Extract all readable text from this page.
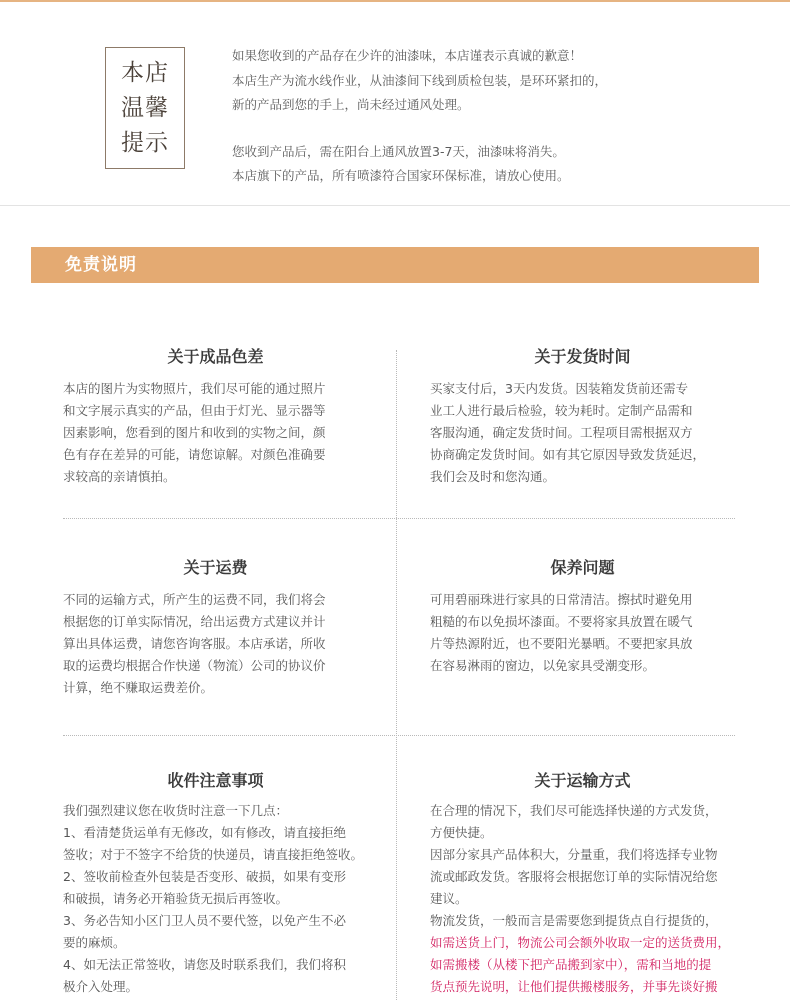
本店
温馨
提示

如果您收到的产品存在少许的油漆味，本店谨表示真诚的歉意！

本店生产为流水线作业，从油漆间下线到质检包装，是环环紧扣的，

新的产品到您的手上，尚未经过通风处理。

您收到产品后，需在阳台上通风放置3-7天，油漆味将消失。

本店旗下的产品，所有喷漆符合国家环保标准，请放心使用。

免责说明
关于成品色差

本店的图片为实物照片，我们尽可能的通过照片

和文字展示真实的产品，但由于灯光、显示器等

因素影响，您看到的图片和收到的实物之间，颜

色有存在差异的可能，请您谅解。对颜色准确要

求较高的亲请慎拍。

关于发货时间

买家支付后，3天内发货。因装箱发货前还需专

业工人进行最后检验，较为耗时。定制产品需和

客服沟通，确定发货时间。工程项目需根据双方

协商确定发货时间。如有其它原因导致发货延迟，

我们会及时和您沟通。

关于运费

不同的运输方式，所产生的运费不同，我们将会

根据您的订单实际情况，给出运费方式建议并计

算出具体运费，请您咨询客服。本店承诺，所收

取的运费均根据合作快递（物流）公司的协议价

计算，绝不赚取运费差价。

保养问题

可用碧丽珠进行家具的日常清洁。擦拭时避免用

粗糙的布以免损坏漆面。不要将家具放置在暖气

片等热源附近，也不要阳光暴晒。不要把家具放

在容易淋雨的窗边，以免家具受潮变形。

收件注意事项

我们强烈建议您在收货时注意一下几点：

1、看清楚货运单有无修改，如有修改，请直接拒绝

签收；对于不签字不给货的快递员，请直接拒绝签收。

2、签收前检查外包装是否变形、破损，如果有变形

和破损，请务必开箱验货无损后再签收。

3、务必告知小区门卫人员不要代签，以免产生不必

要的麻烦。

4、如无法正常签收，请您及时联系我们，我们将积

极介入处理。

关于运输方式

在合理的情况下，我们尽可能选择快递的方式发货，

方便快捷。

因部分家具产品体积大，分量重，我们将选择专业物

流或邮政发货。客服将会根据您订单的实际情况给您

建议。

物流发货，一般而言是需要您到提货点自行提货的，

如需送货上门，物流公司会额外收取一定的送货费用，

如需搬楼（从楼下把产品搬到家中），需和当地的提

货点预先说明，让他们提供搬楼服务，并事先谈好搬
